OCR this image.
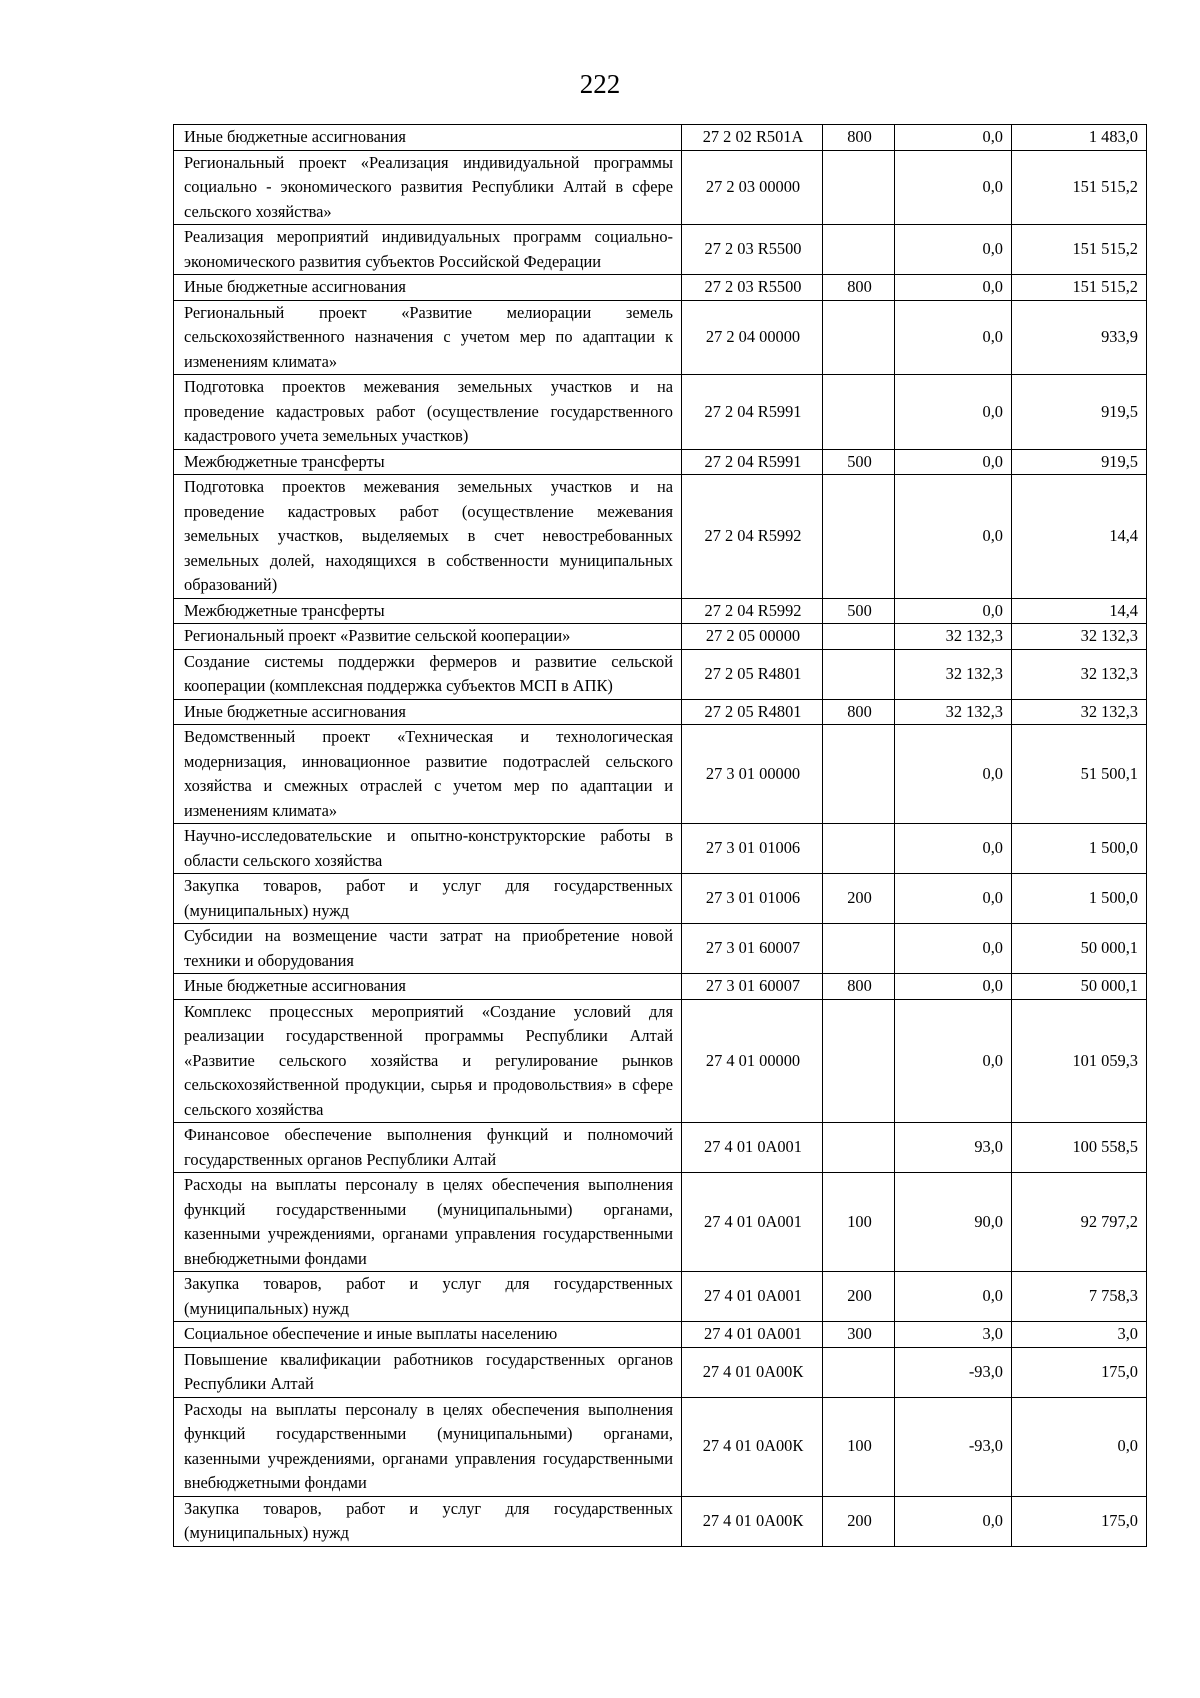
222
Иные бюджетные ассигнования	27 2 02 R501А	800	0,0	1 483,0
Региональный проект «Реализация индивидуальной программы социально - экономического развития Республики Алтай в сфере сельского хозяйства»	27 2 03 00000		0,0	151 515,2
Реализация мероприятий индивидуальных программ социально-экономического развития субъектов Российской Федерации	27 2 03 R5500		0,0	151 515,2
Иные бюджетные ассигнования	27 2 03 R5500	800	0,0	151 515,2
Региональный проект «Развитие мелиорации земель сельскохозяйственного назначения с учетом мер по адаптации к изменениям климата»	27 2 04 00000		0,0	933,9
Подготовка проектов межевания земельных участков и на проведение кадастровых работ (осуществление государственного кадастрового учета земельных участков)	27 2 04 R5991		0,0	919,5
Межбюджетные трансферты	27 2 04 R5991	500	0,0	919,5
Подготовка проектов межевания земельных участков и на проведение кадастровых работ (осуществление межевания земельных участков, выделяемых в счет невостребованных земельных долей, находящихся в собственности муниципальных образований)	27 2 04 R5992		0,0	14,4
Межбюджетные трансферты	27 2 04 R5992	500	0,0	14,4
Региональный проект «Развитие сельской кооперации»	27 2 05 00000		32 132,3	32 132,3
Создание системы поддержки фермеров и развитие сельской кооперации (комплексная поддержка субъектов МСП в АПК)	27 2 05 R4801		32 132,3	32 132,3
Иные бюджетные ассигнования	27 2 05 R4801	800	32 132,3	32 132,3
Ведомственный проект «Техническая и технологическая модернизация, инновационное развитие подотраслей сельского хозяйства и смежных отраслей с учетом мер по адаптации и изменениям климата»	27 3 01 00000		0,0	51 500,1
Научно-исследовательские и опытно-конструкторские работы в области сельского хозяйства	27 3 01 01006		0,0	1 500,0
Закупка товаров, работ и услуг для государственных (муниципальных) нужд	27 3 01 01006	200	0,0	1 500,0
Субсидии на возмещение части затрат на приобретение новой техники и оборудования	27 3 01 60007		0,0	50 000,1
Иные бюджетные ассигнования	27 3 01 60007	800	0,0	50 000,1
Комплекс процессных мероприятий «Создание условий для реализации государственной программы Республики Алтай «Развитие сельского хозяйства и регулирование рынков сельскохозяйственной продукции, сырья и продовольствия» в сфере сельского хозяйства	27 4 01 00000		0,0	101 059,3
Финансовое обеспечение выполнения функций и полномочий государственных органов Республики Алтай	27 4 01 0А001		93,0	100 558,5
Расходы на выплаты персоналу в целях обеспечения выполнения функций государственными (муниципальными) органами, казенными учреждениями, органами управления государственными внебюджетными фондами	27 4 01 0А001	100	90,0	92 797,2
Закупка товаров, работ и услуг для государственных (муниципальных) нужд	27 4 01 0А001	200	0,0	7 758,3
Социальное обеспечение и иные выплаты населению	27 4 01 0А001	300	3,0	3,0
Повышение квалификации работников государственных органов Республики Алтай	27 4 01 0А00К		-93,0	175,0
Расходы на выплаты персоналу в целях обеспечения выполнения функций государственными (муниципальными) органами, казенными учреждениями, органами управления государственными внебюджетными фондами	27 4 01 0А00К	100	-93,0	0,0
Закупка товаров, работ и услуг для государственных (муниципальных) нужд	27 4 01 0А00К	200	0,0	175,0
